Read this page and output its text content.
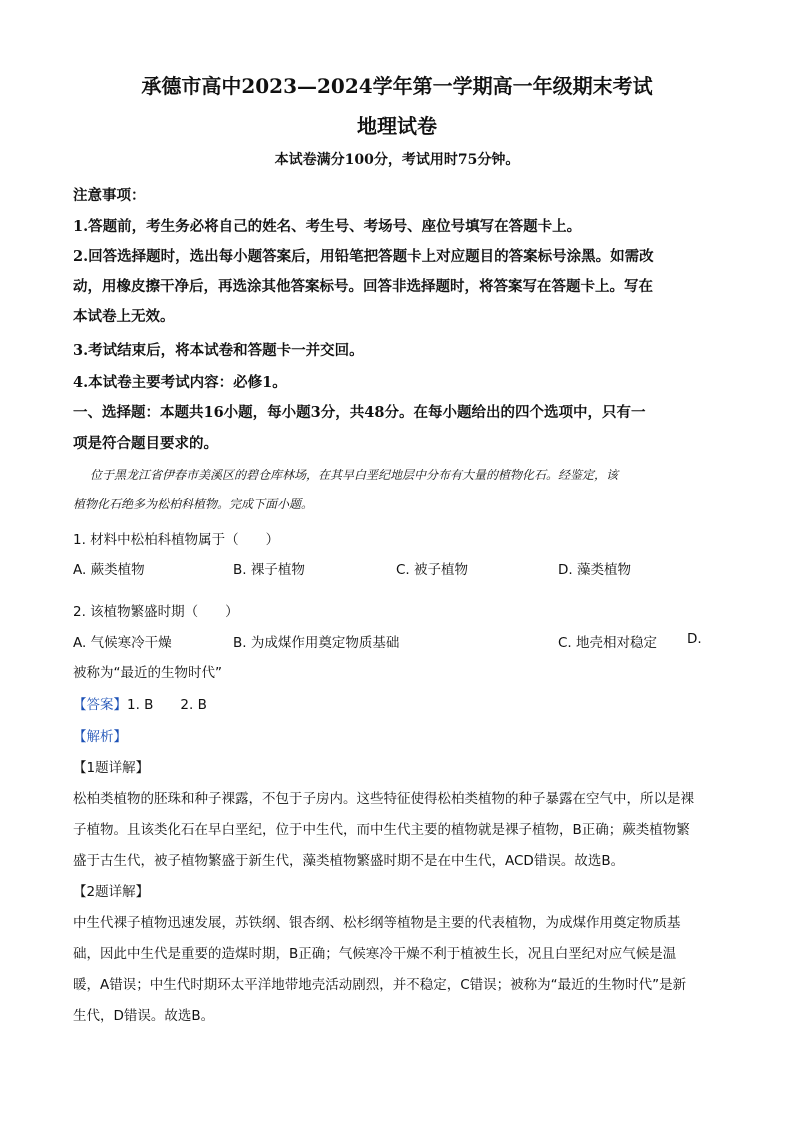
承德市高中2023—2024学年第一学期高一年级期末考试
地理试卷
本试卷满分100分，考试用时75分钟。
注意事项：
1.答题前，考生务必将自己的姓名、考生号、考场号、座位号填写在答题卡上。
2.回答选择题时，选出每小题答案后，用铅笔把答题卡上对应题目的答案标号涂黑。如需改
动，用橡皮擦干净后，再选涂其他答案标号。回答非选择题时，将答案写在答题卡上。写在
本试卷上无效。
3.考试结束后，将本试卷和答题卡一并交回。
4.本试卷主要考试内容：必修1。
一、选择题：本题共16小题，每小题3分，共48分。在每小题给出的四个选项中，只有一
项是符合题目要求的。
位于黑龙江省伊春市美溪区的碧仓库林场，在其早白垩纪地层中分布有大量的植物化石。经鉴定，该
植物化石绝多为松柏科植物。完成下面小题。
1. 材料中松柏科植物属于（　　）
A. 蕨类植物	B. 裸子植物	C. 被子植物	D. 藻类植物
2. 该植物繁盛时期（　　）
A. 气候寒冷干燥	B. 为成煤作用奠定物质基础	C. 地壳相对稳定 D.
被称为“最近的生物时代”
【答案】1. B　　2. B
【解析】
【1题详解】
松柏类植物的胚珠和种子裸露，不包于子房内。这些特征使得松柏类植物的种子暴露在空气中，所以是裸
子植物。且该类化石在早白垩纪，位于中生代，而中生代主要的植物就是裸子植物，B正确；蕨类植物繁
盛于古生代，被子植物繁盛于新生代，藻类植物繁盛时期不是在中生代，ACD错误。故选B。
【2题详解】
中生代裸子植物迅速发展，苏铁纲、银杏纲、松杉纲等植物是主要的代表植物，为成煤作用奠定物质基
础，因此中生代是重要的造煤时期，B正确；气候寒冷干燥不利于植被生长，况且白垩纪对应气候是温
暖，A错误；中生代时期环太平洋地带地壳活动剧烈，并不稳定，C错误；被称为“最近的生物时代”是新
生代，D错误。故选B。
